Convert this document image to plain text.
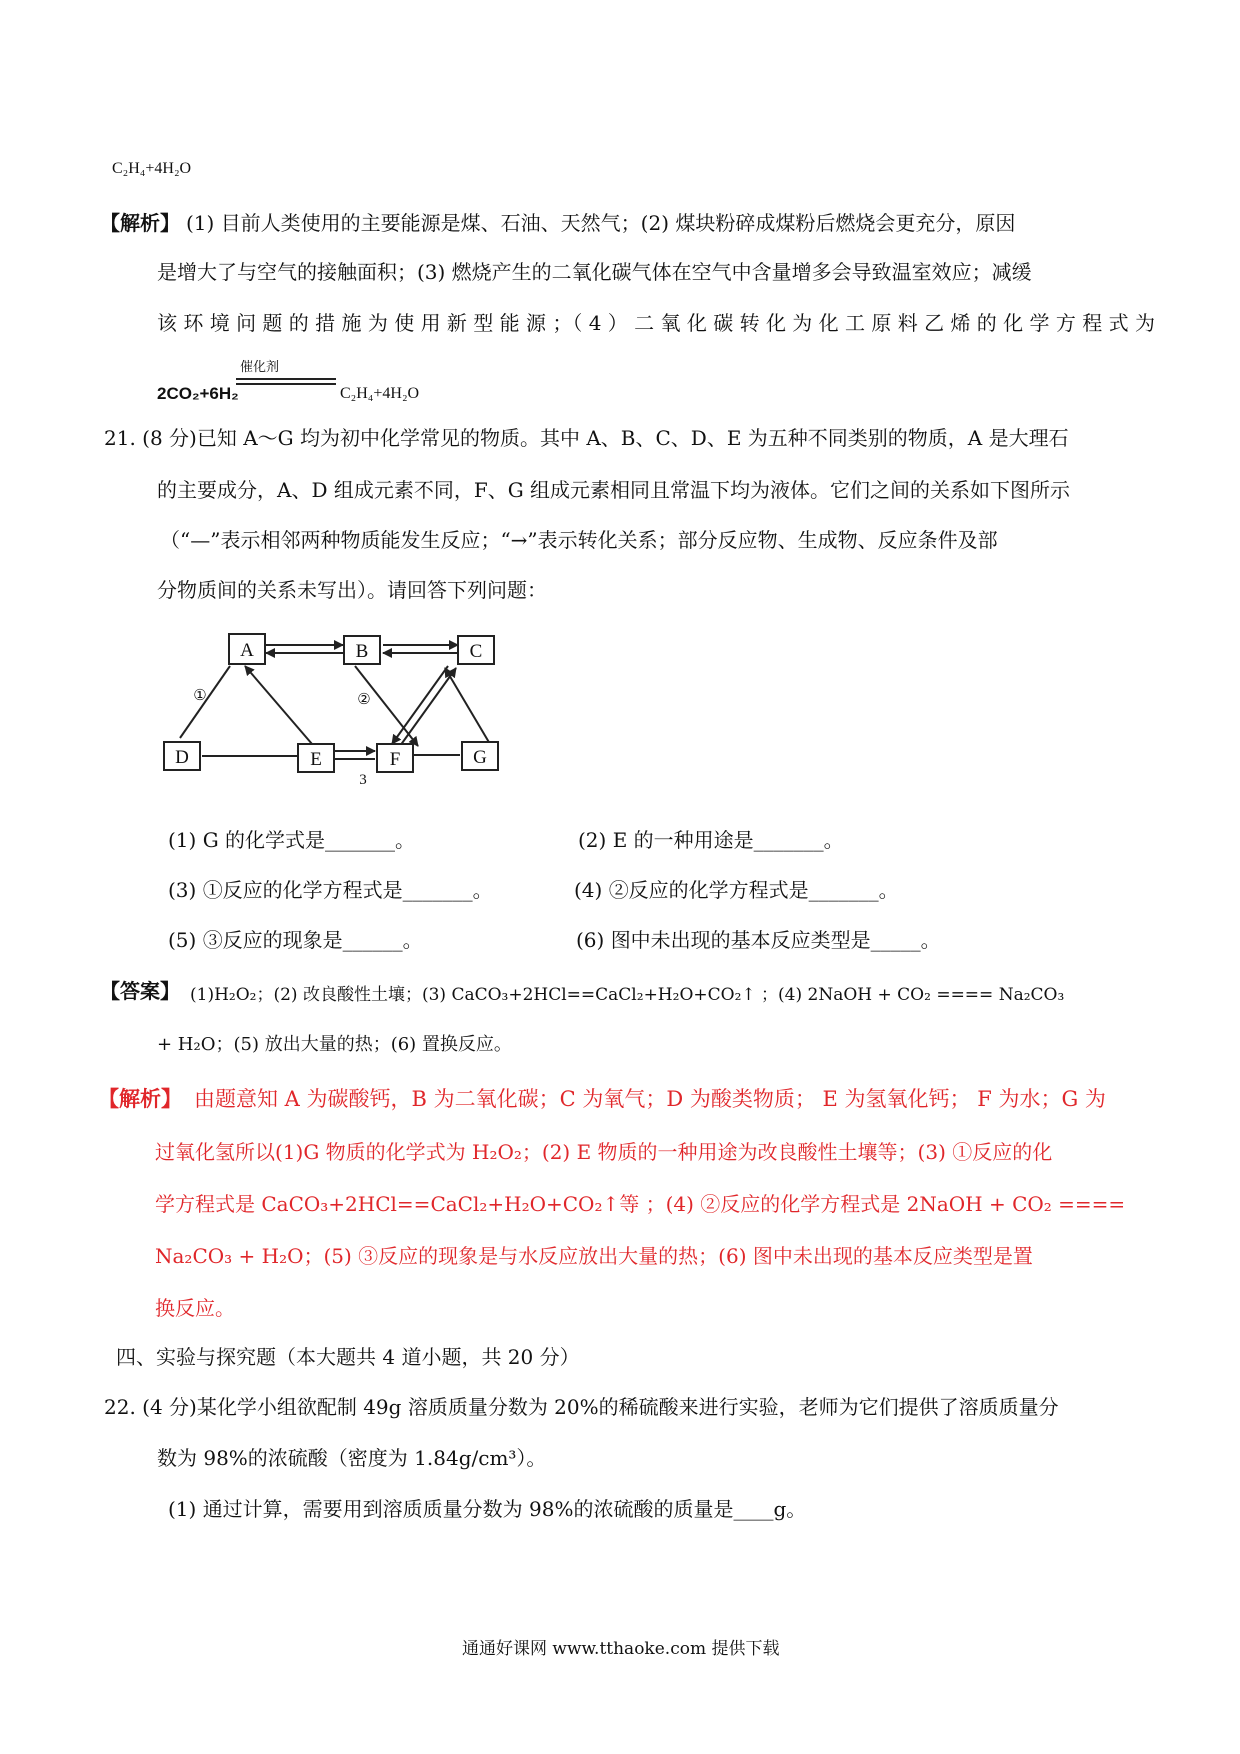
C₂H₄+4H₂O
【解析】 (1) 目前人类使用的主要能源是煤、石油、天然气；(2) 煤块粉碎成煤粉后燃烧会更充分，原因
是增大了与空气的接触面积；(3) 燃烧产生的二氧化碳气体在空气中含量增多会导致温室效应；减缓
该 环 境 问 题 的 措 施 为 使 用 新 型 能 源 ；（ 4 ） 二 氧 化 碳 转 化 为 化 工 原 料 乙 烯 的 化 学 方 程 式 为
催化剂
2CO₂+6H₂	C₂H₄+4H₂O
21. (8 分)已知 A～G 均为初中化学常见的物质。其中 A、B、C、D、E 为五种不同类别的物质，A 是大理石
的主要成分，A、D 组成元素不同，F、G 组成元素相同且常温下均为液体。它们之间的关系如下图所示
（“—”表示相邻两种物质能发生反应；“→”表示转化关系；部分反应物、生成物、反应条件及部
分物质间的关系未写出）。请回答下列问题：
A	B	C
D	E	F	G
①	②
3
(1) G 的化学式是_______。	(2) E 的一种用途是_______。
(3) ①反应的化学方程式是_______。	(4) ②反应的化学方程式是_______。
(5) ③反应的现象是______。	(6) 图中未出现的基本反应类型是_____。
【答案】 (1)H₂O₂；(2) 改良酸性土壤；(3) CaCO₃+2HCl==CaCl₂+H₂O+CO₂↑ ；(4) 2NaOH + CO₂ ==== Na₂CO₃
+ H₂O；(5) 放出大量的热；(6) 置换反应。
【解析】 由题意知 A 为碳酸钙，B 为二氧化碳；C 为氧气；D 为酸类物质； E 为氢氧化钙； F 为水；G 为
过氧化氢所以(1)G 物质的化学式为 H₂O₂；(2) E 物质的一种用途为改良酸性土壤等；(3) ①反应的化
学方程式是 CaCO₃+2HCl==CaCl₂+H₂O+CO₂↑等 ；(4) ②反应的化学方程式是 2NaOH + CO₂ ====
Na₂CO₃ + H₂O；(5) ③反应的现象是与水反应放出大量的热；(6) 图中未出现的基本反应类型是置
换反应。
四、实验与探究题（本大题共 4 道小题，共 20 分）
22. (4 分)某化学小组欲配制 49g 溶质质量分数为 20%的稀硫酸来进行实验，老师为它们提供了溶质质量分
数为 98%的浓硫酸（密度为 1.84g/cm³）。
(1) 通过计算，需要用到溶质质量分数为 98%的浓硫酸的质量是____g。
通通好课网 www.tthaoke.com 提供下载
